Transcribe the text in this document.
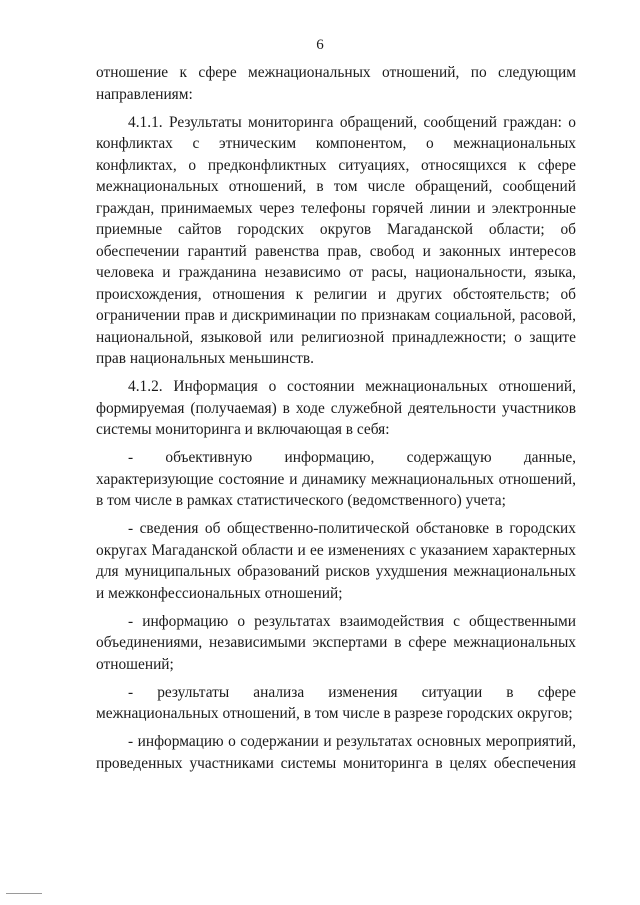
6

отношение к сфере межнациональных отношений, по следующим направлениям:

4.1.1. Результаты мониторинга обращений, сообщений граждан: о конфликтах с этническим компонентом, о межнациональных конфликтах, о предконфликтных ситуациях, относящихся к сфере межнациональных отношений, в том числе обращений, сообщений граждан, принимаемых через телефоны горячей линии и электронные приемные сайтов городских округов Магаданской области; об обеспечении гарантий равенства прав, свобод и законных интересов человека и гражданина независимо от расы, национальности, языка, происхождения, отношения к религии и других обстоятельств; об ограничении прав и дискриминации по признакам социальной, расовой, национальной, языковой или религиозной принадлежности; о защите прав национальных меньшинств.

4.1.2. Информация о состоянии межнациональных отношений, формируемая (получаемая) в ходе служебной деятельности участников системы мониторинга и включающая в себя:

- объективную информацию, содержащую данные, характеризующие состояние и динамику межнациональных отношений, в том числе в рамках статистического (ведомственного) учета;

- сведения об общественно-политической обстановке в городских округах Магаданской области и ее изменениях с указанием характерных для муниципальных образований рисков ухудшения межнациональных и межконфессиональных отношений;

- информацию о результатах взаимодействия с общественными объединениями, независимыми экспертами в сфере межнациональных отношений;

- результаты анализа изменения ситуации в сфере межнациональных отношений, в том числе в разрезе городских округов;

- информацию о содержании и результатах основных мероприятий, проведенных участниками системы мониторинга в целях обеспечения
